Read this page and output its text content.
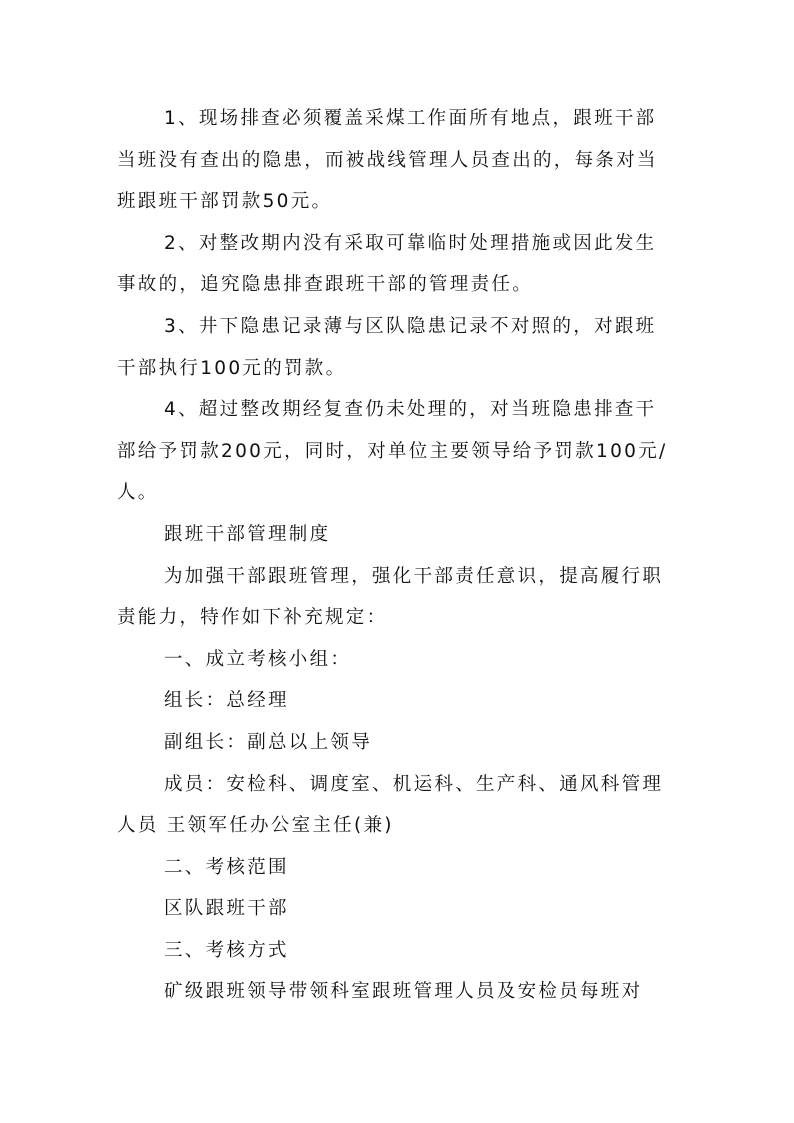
1、现场排查必须覆盖采煤工作面所有地点，跟班干部当班没有查出的隐患，而被战线管理人员查出的，每条对当班跟班干部罚款50元。

2、对整改期内没有采取可靠临时处理措施或因此发生事故的，追究隐患排查跟班干部的管理责任。

3、井下隐患记录薄与区队隐患记录不对照的，对跟班干部执行100元的罚款。

4、超过整改期经复查仍未处理的，对当班隐患排查干部给予罚款200元，同时，对单位主要领导给予罚款100元/人。

跟班干部管理制度

为加强干部跟班管理，强化干部责任意识，提高履行职责能力，特作如下补充规定：

一、成立考核小组：

组长：总经理

副组长：副总以上领导

成员：安检科、调度室、机运科、生产科、通风科管理人员 王领军任办公室主任(兼)

二、考核范围

区队跟班干部

三、考核方式

矿级跟班领导带领科室跟班管理人员及安检员每班对
